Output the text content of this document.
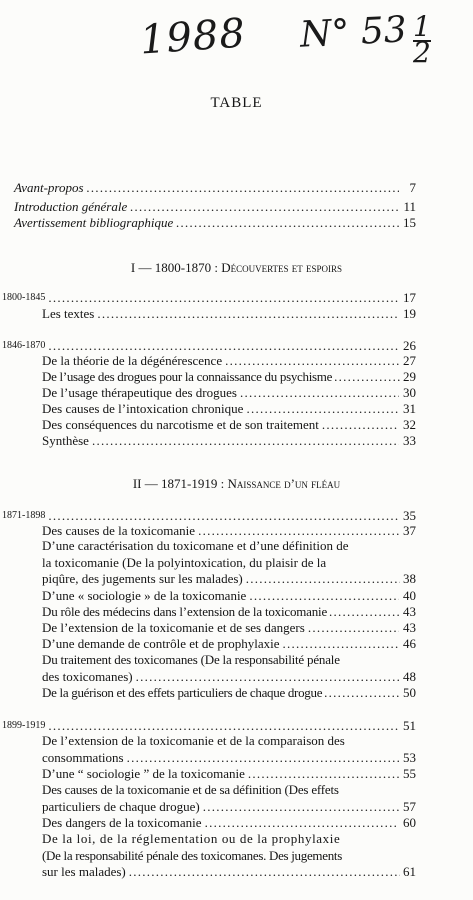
1988 N° 53 1
2
TABLE
Avant-propos . . .	7
Introduction générale . . .	11
Avertissement bibliographique . . .	15
I — 1800-1870 : Découvertes et espoirs
1800-1845 . . .	17
Les textes . . .	19
1846-1870 . . .	26
De la théorie de la dégénérescence . . .	27
De l’usage des drogues pour la connaissance du psychisme . . .	29
De l’usage thérapeutique des drogues . . .	30
Des causes de l’intoxication chronique . . .	31
Des conséquences du narcotisme et de son traitement . . .	32
Synthèse . . .	33
II — 1871-1919 : Naissance d’un fléau
1871-1898 . . .	35
Des causes de la toxicomanie . . .	37
D’une caractérisation du toxicomane et d’une définition de
la toxicomanie (De la polyintoxication, du plaisir de la
piqûre, des jugements sur les malades) . . .	38
D’une « sociologie » de la toxicomanie . . .	40
Du rôle des médecins dans l’extension de la toxicomanie . . .	43
De l’extension de la toxicomanie et de ses dangers . . .	43
D’une demande de contrôle et de prophylaxie . . .	46
Du traitement des toxicomanes (De la responsabilité pénale
des toxicomanes) . . .	48
De la guérison et des effets particuliers de chaque drogue . . .	50
1899-1919 . . .	51
De l’extension de la toxicomanie et de la comparaison des
consommations . . .	53
D’une “ sociologie ” de la toxicomanie . . .	55
Des causes de la toxicomanie et de sa définition (Des effets
particuliers de chaque drogue) . . .	57
Des dangers de la toxicomanie . . .	60
De la loi, de la réglementation ou de la prophylaxie
(De la responsabilité pénale des toxicomanes. Des jugements
sur les malades) . . .	61
